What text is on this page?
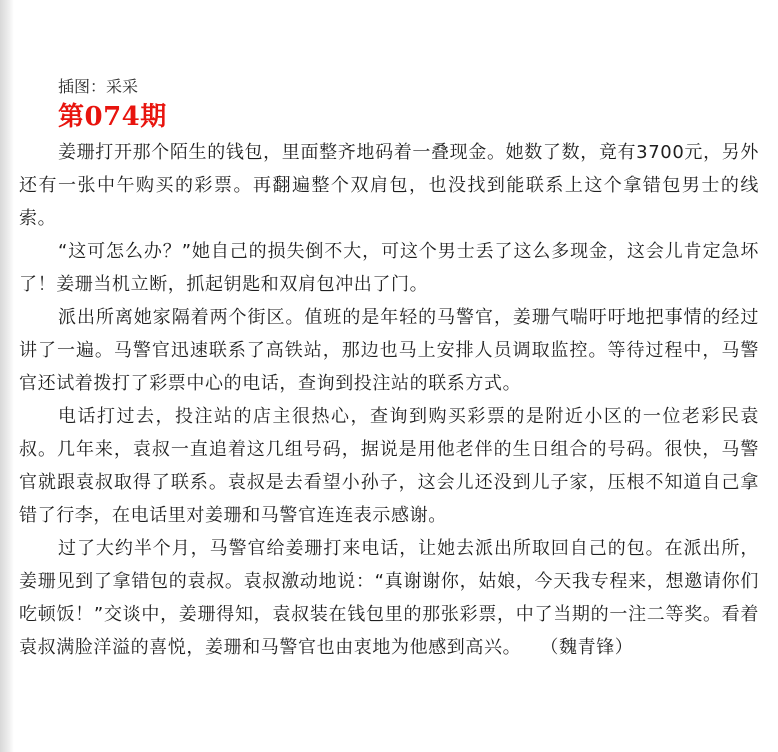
插图：采采
第074期

姜珊打开那个陌生的钱包，里面整齐地码着一叠现金。她数了数，竟有3700元，另外还有一张中午购买的彩票。再翻遍整个双肩包，也没找到能联系上这个拿错包男士的线索。

“这可怎么办？”她自己的损失倒不大，可这个男士丢了这么多现金，这会儿肯定急坏了！姜珊当机立断，抓起钥匙和双肩包冲出了门。

派出所离她家隔着两个街区。值班的是年轻的马警官，姜珊气喘吁吁地把事情的经过讲了一遍。马警官迅速联系了高铁站，那边也马上安排人员调取监控。等待过程中，马警官还试着拨打了彩票中心的电话，查询到投注站的联系方式。

电话打过去，投注站的店主很热心，查询到购买彩票的是附近小区的一位老彩民袁叔。几年来，袁叔一直追着这几组号码，据说是用他老伴的生日组合的号码。很快，马警官就跟袁叔取得了联系。袁叔是去看望小孙子，这会儿还没到儿子家，压根不知道自己拿错了行李，在电话里对姜珊和马警官连连表示感谢。

过了大约半个月，马警官给姜珊打来电话，让她去派出所取回自己的包。在派出所，姜珊见到了拿错包的袁叔。袁叔激动地说：“真谢谢你，姑娘，今天我专程来，想邀请你们吃顿饭！”交谈中，姜珊得知，袁叔装在钱包里的那张彩票，中了当期的一注二等奖。看着袁叔满脸洋溢的喜悦，姜珊和马警官也由衷地为他感到高兴。　　（魏青锋）
